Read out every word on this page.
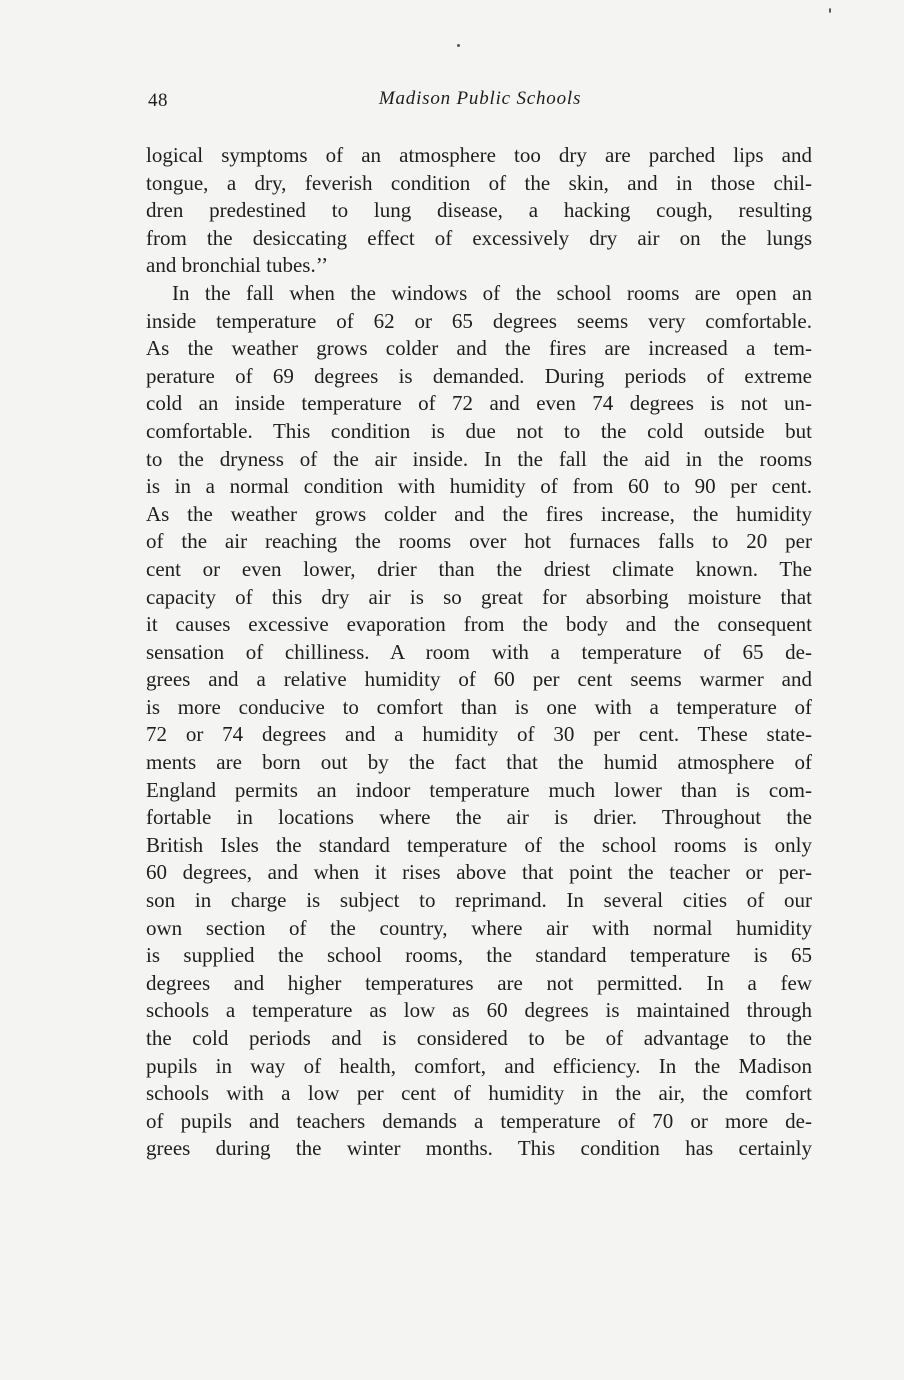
48	Madison Public Schools
logical symptoms of an atmosphere too dry are parched lips and
tongue, a dry, feverish condition of the skin, and in those chil-
dren predestined to lung disease, a hacking cough, resulting
from the desiccating effect of excessively dry air on the lungs
and bronchial tubes.’’
In the fall when the windows of the school rooms are open an
inside temperature of 62 or 65 degrees seems very comfortable.
As the weather grows colder and the fires are increased a tem-
perature of 69 degrees is demanded. During periods of extreme
cold an inside temperature of 72 and even 74 degrees is not un-
comfortable. This condition is due not to the cold outside but
to the dryness of the air inside. In the fall the aid in the rooms
is in a normal condition with humidity of from 60 to 90 per cent.
As the weather grows colder and the fires increase, the humidity
of the air reaching the rooms over hot furnaces falls to 20 per
cent or even lower, drier than the driest climate known. The
capacity of this dry air is so great for absorbing moisture that
it causes excessive evaporation from the body and the consequent
sensation of chilliness. A room with a temperature of 65 de-
grees and a relative humidity of 60 per cent seems warmer and
is more conducive to comfort than is one with a temperature of
72 or 74 degrees and a humidity of 30 per cent. These state-
ments are born out by the fact that the humid atmosphere of
England permits an indoor temperature much lower than is com-
fortable in locations where the air is drier. Throughout the
British Isles the standard temperature of the school rooms is only
60 degrees, and when it rises above that point the teacher or per-
son in charge is subject to reprimand. In several cities of our
own section of the country, where air with normal humidity
is supplied the school rooms, the standard temperature is 65
degrees and higher temperatures are not permitted. In a few
schools a temperature as low as 60 degrees is maintained through
the cold periods and is considered to be of advantage to the
pupils in way of health, comfort, and efficiency. In the Madison
schools with a low per cent of humidity in the air, the comfort
of pupils and teachers demands a temperature of 70 or more de-
grees during the winter months. This condition has certainly
